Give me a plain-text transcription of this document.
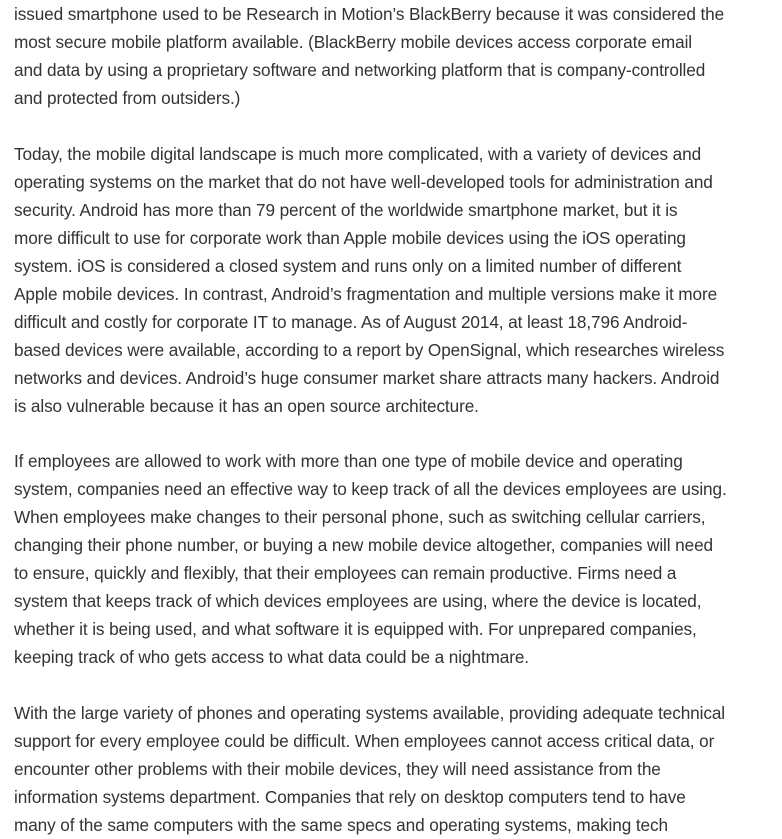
issued smartphone used to be Research in Motion’s BlackBerry because it was considered the
most secure mobile platform available. (BlackBerry mobile devices access corporate email
and data by using a proprietary software and networking platform that is company-controlled
and protected from outsiders.)
Today, the mobile digital landscape is much more complicated, with a variety of devices and
operating systems on the market that do not have well-developed tools for administration and
security. Android has more than 79 percent of the worldwide smartphone market, but it is
more difficult to use for corporate work than Apple mobile devices using the iOS operating
system. iOS is considered a closed system and runs only on a limited number of different
Apple mobile devices. In contrast, Android’s fragmentation and multiple versions make it more
difficult and costly for corporate IT to manage. As of August 2014, at least 18,796 Android-
based devices were available, according to a report by OpenSignal, which researches wireless
networks and devices. Android’s huge consumer market share attracts many hackers. Android
is also vulnerable because it has an open source architecture.
If employees are allowed to work with more than one type of mobile device and operating
system, companies need an effective way to keep track of all the devices employees are using.
When employees make changes to their personal phone, such as switching cellular carriers,
changing their phone number, or buying a new mobile device altogether, companies will need
to ensure, quickly and flexibly, that their employees can remain productive. Firms need a
system that keeps track of which devices employees are using, where the device is located,
whether it is being used, and what software it is equipped with. For unprepared companies,
keeping track of who gets access to what data could be a nightmare.
With the large variety of phones and operating systems available, providing adequate technical
support for every employee could be difficult. When employees cannot access critical data, or
encounter other problems with their mobile devices, they will need assistance from the
information systems department. Companies that rely on desktop computers tend to have
many of the same computers with the same specs and operating systems, making tech
